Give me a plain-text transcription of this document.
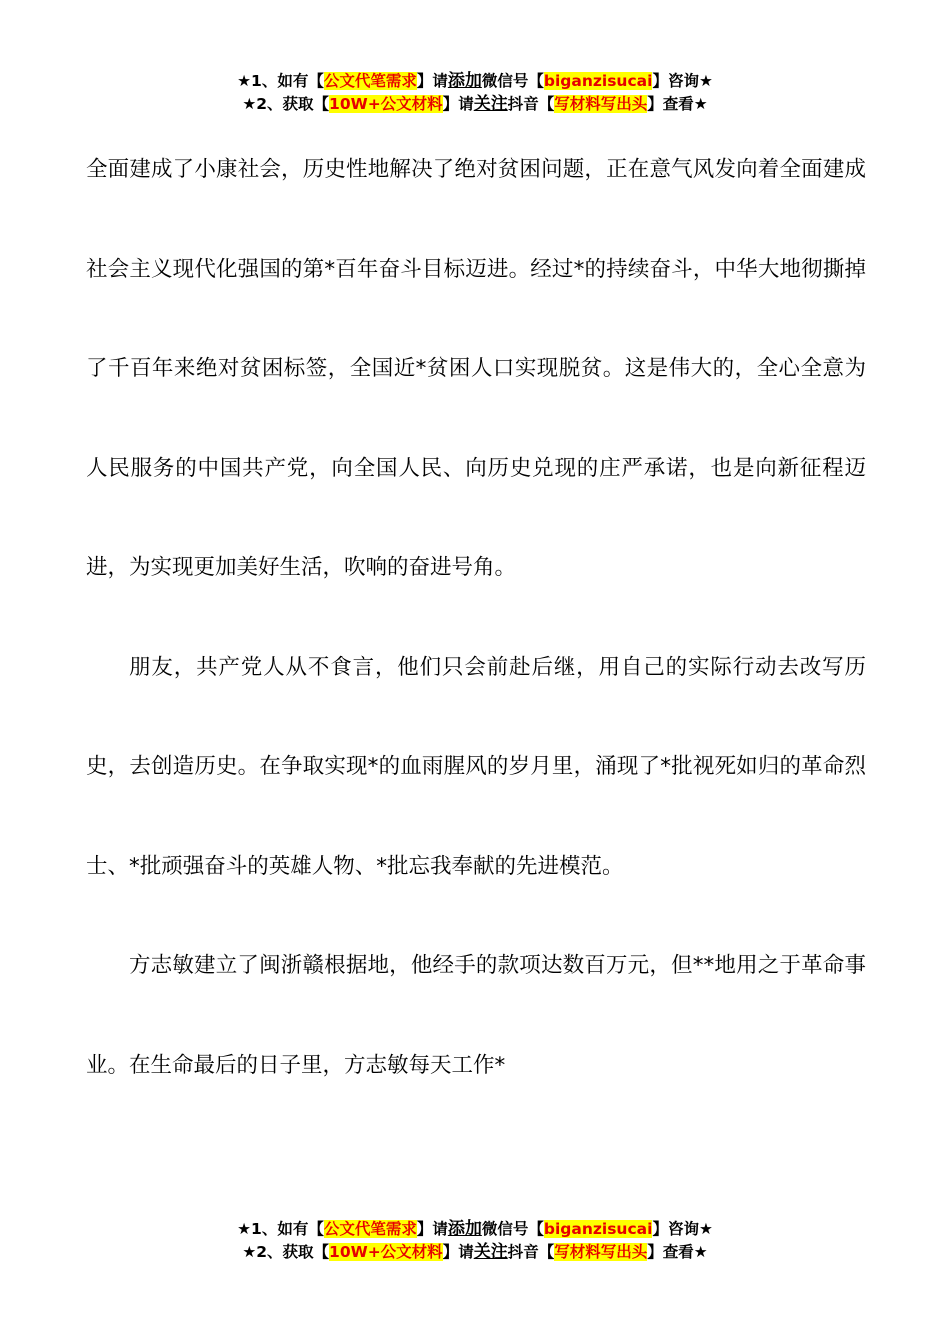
★1、如有【公文代笔需求】请添加微信号【biganzisucai】咨询★
★2、获取【10W+公文材料】请关注抖音【写材料写出头】查看★

全面建成了小康社会，历史性地解决了绝对贫困问题，正在意气风发向着全面建成社会主义现代化强国的第*百年奋斗目标迈进。经过*的持续奋斗，中华大地彻撕掉了千百年来绝对贫困标签，全国近*贫困人口实现脱贫。这是伟大的，全心全意为人民服务的中国共产党，向全国人民、向历史兑现的庄严承诺，也是向新征程迈进，为实现更加美好生活，吹响的奋进号角。

朋友，共产党人从不食言，他们只会前赴后继，用自己的实际行动去改写历史，去创造历史。在争取实现*的血雨腥风的岁月里，涌现了*批视死如归的革命烈士、*批顽强奋斗的英雄人物、*批忘我奉献的先进模范。

方志敏建立了闽浙赣根据地，他经手的款项达数百万元，但**地用之于革命事业。在生命最后的日子里，方志敏每天工作*

★1、如有【公文代笔需求】请添加微信号【biganzisucai】咨询★
★2、获取【10W+公文材料】请关注抖音【写材料写出头】查看★
